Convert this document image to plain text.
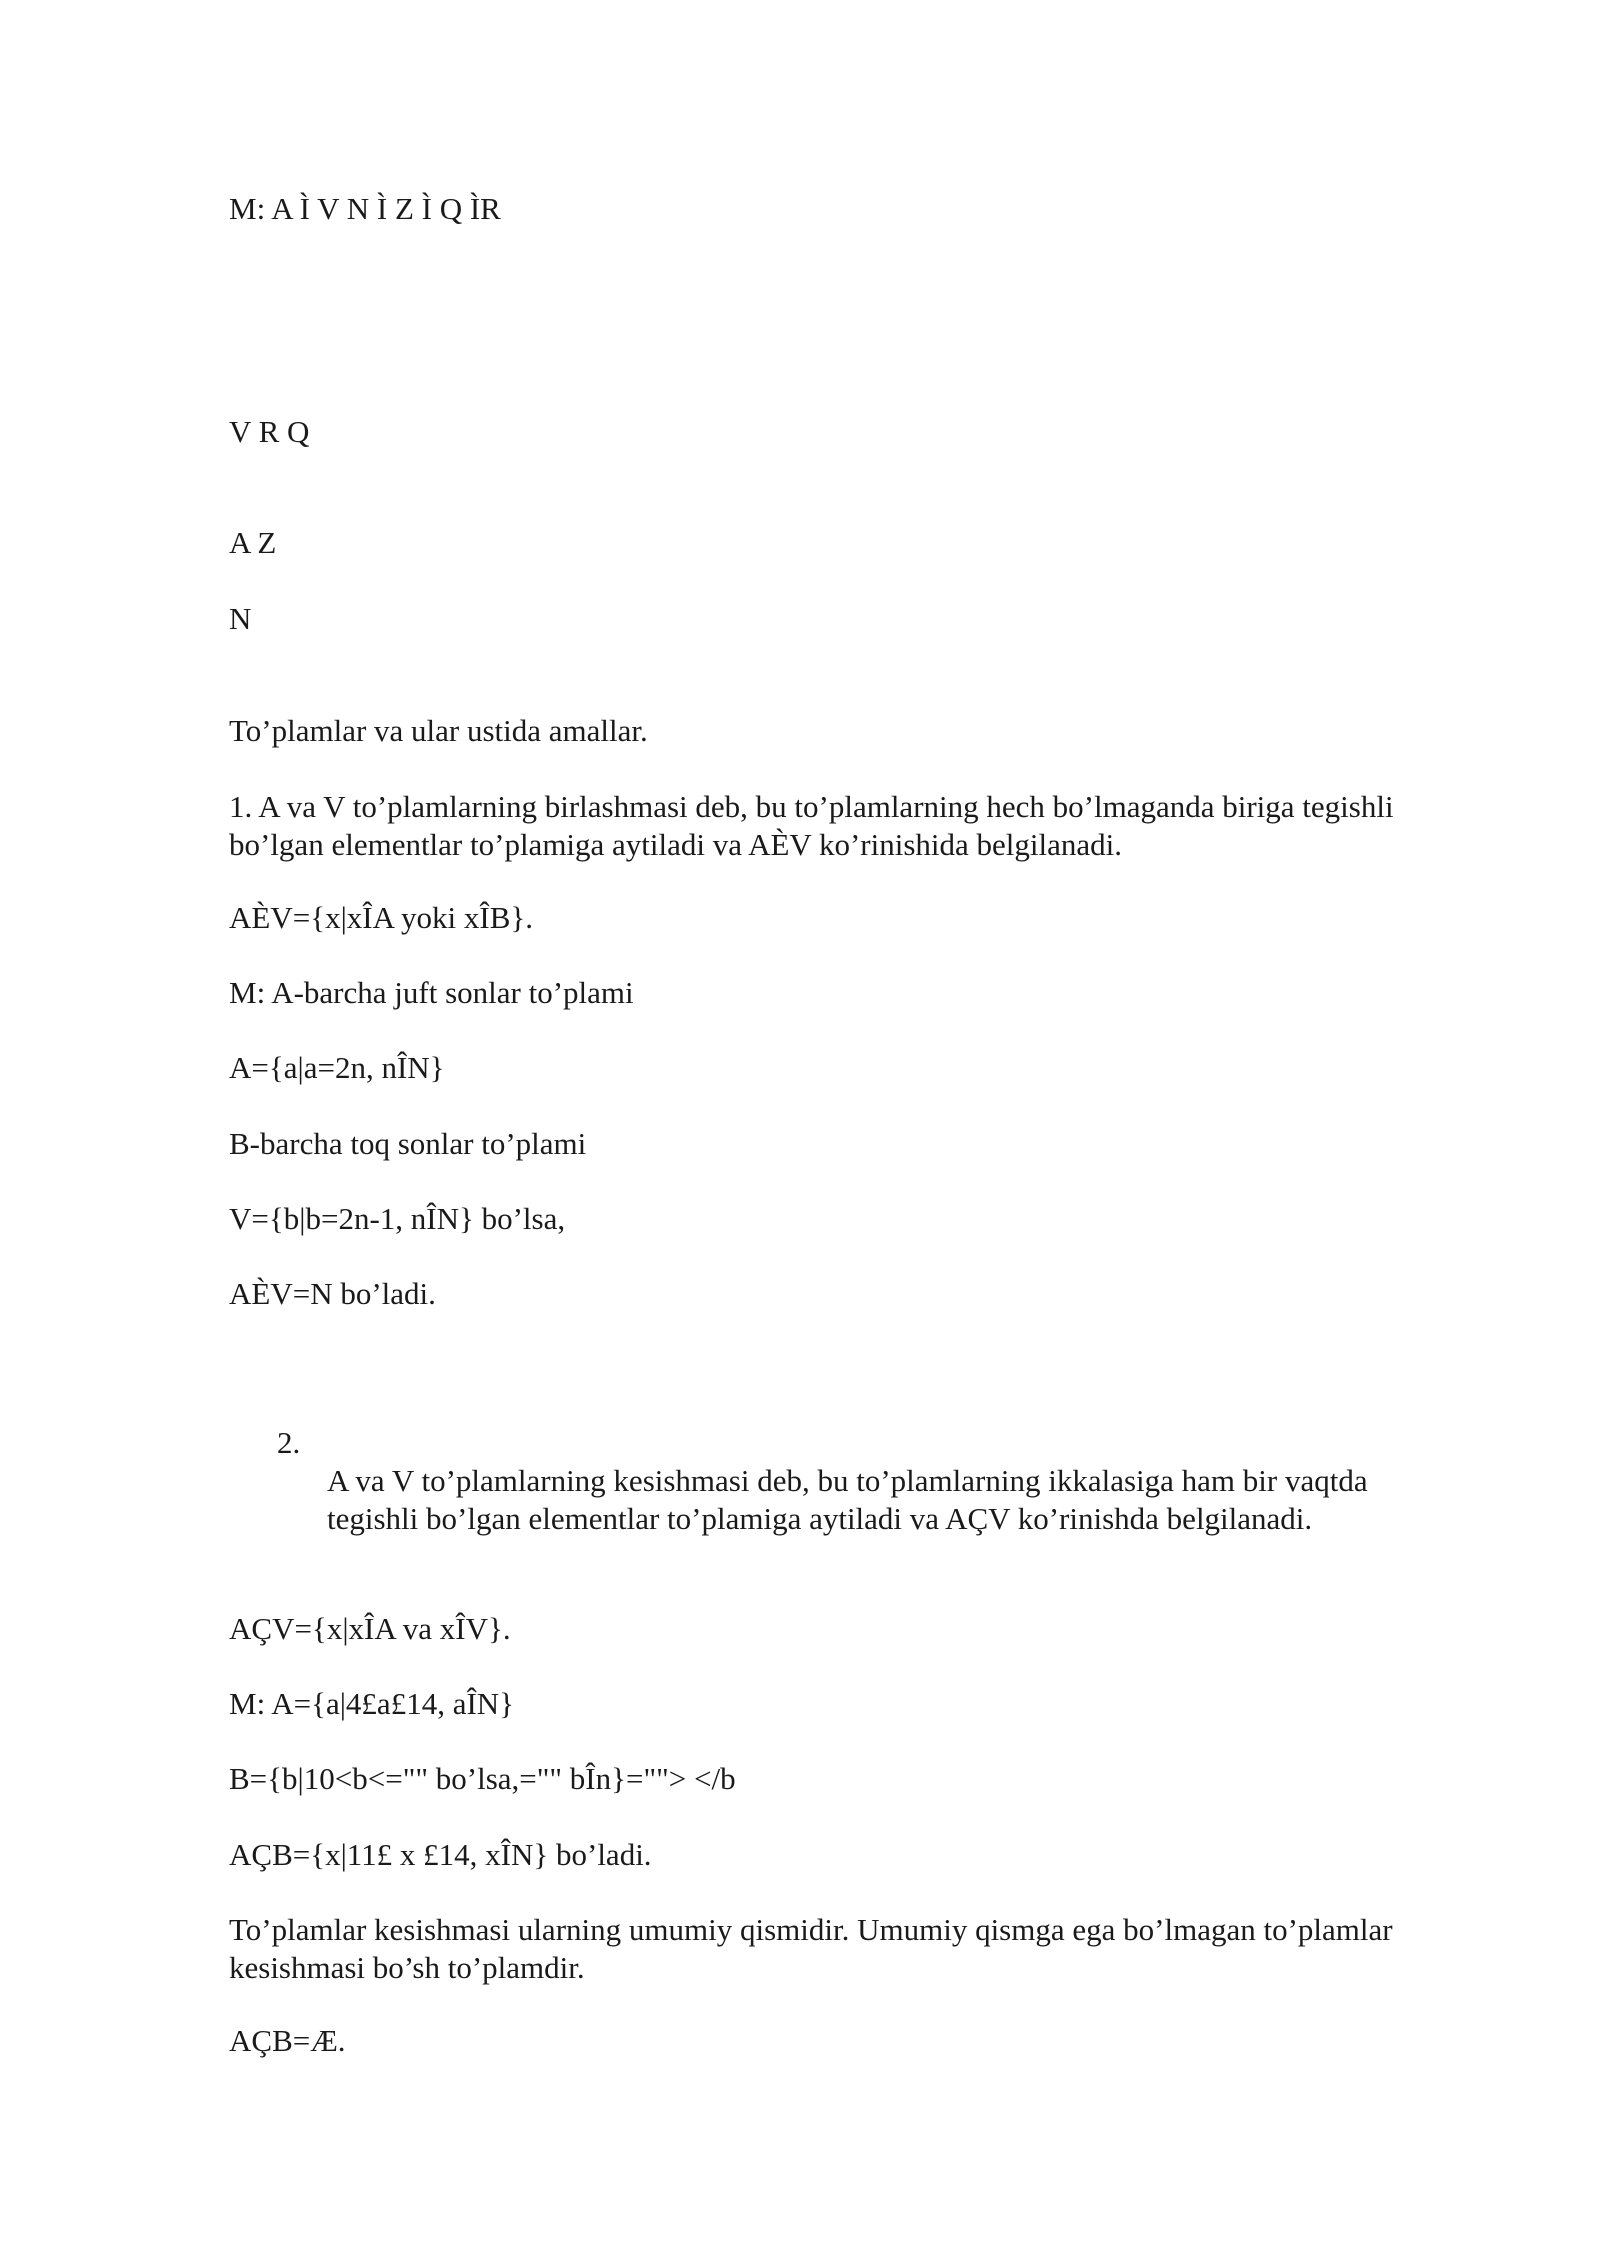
M: A Ì V N Ì Z Ì Q ÌR
V R Q
A Z
N
To’plamlar va ular ustida amallar.
1. A va V to’plamlarning birlashmasi deb, bu to’plamlarning hech bo’lmaganda biriga tegishli bo’lgan elementlar to’plamiga aytiladi va AÈV ko’rinishida belgilanadi.
AÈV={x|xÎA yoki xÎB}.
M: A-barcha juft sonlar to’plami
A={a|a=2n, nÎN}
B-barcha toq sonlar to’plami
V={b|b=2n-1, nÎN} bo’lsa,
AÈV=N bo’ladi.
2.
A va V to’plamlarning kesishmasi deb, bu to’plamlarning ikkalasiga ham bir vaqtda tegishli bo’lgan elementlar to’plamiga aytiladi va AÇV ko’rinishda belgilanadi.
AÇV={x|xÎA va xÎV}.
M: A={a|4£a£14, aÎN}
B={b|10<b<="" bo’lsa,="" bÎn}=""> </b
AÇB={x|11£ x £14, xÎN} bo’ladi.
To’plamlar kesishmasi ularning umumiy qismidir. Umumiy qismga ega bo’lmagan to’plamlar kesishmasi bo’sh to’plamdir.
AÇB=Æ.
